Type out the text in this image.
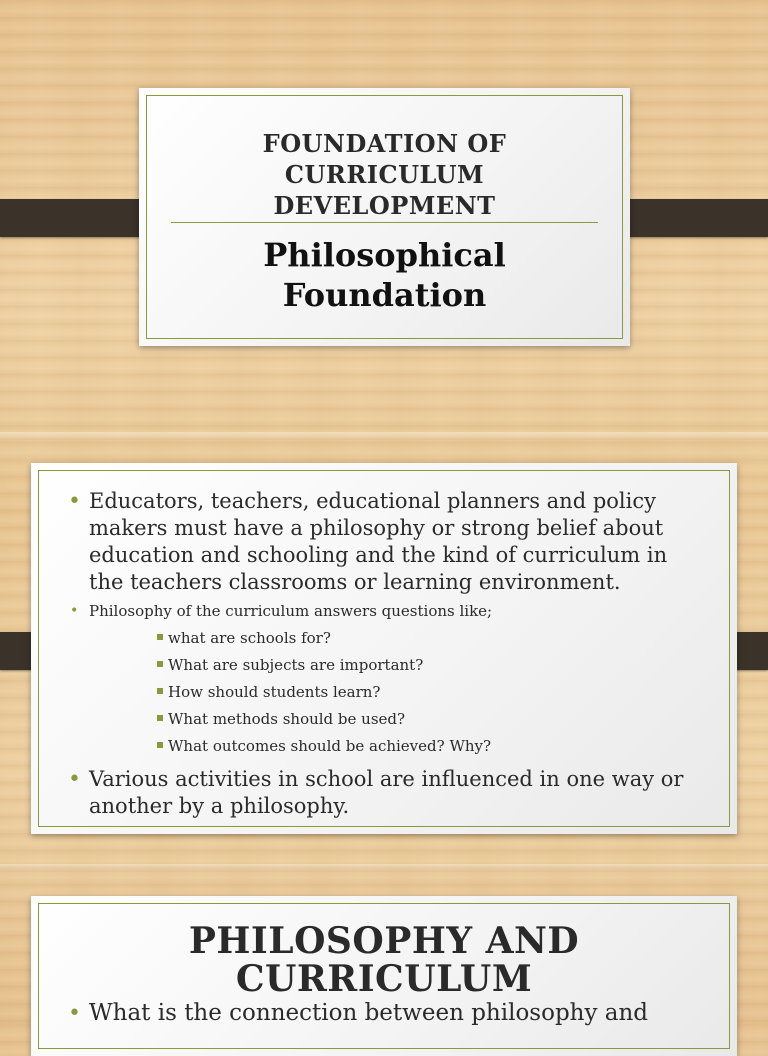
FOUNDATION OF CURRICULUM DEVELOPMENT
Philosophical Foundation
• Educators, teachers, educational planners and policy makers must have a philosophy or strong belief about education and schooling and the kind of curriculum in the teachers classrooms or learning environment.
• Philosophy of the curriculum answers questions like;
what are schools for?
What are subjects are important?
How should students learn?
What methods should be used?
What outcomes should be achieved? Why?
• Various activities in school are influenced in one way or another by a philosophy.
PHILOSOPHY AND CURRICULUM
• What is the connection between philosophy and
